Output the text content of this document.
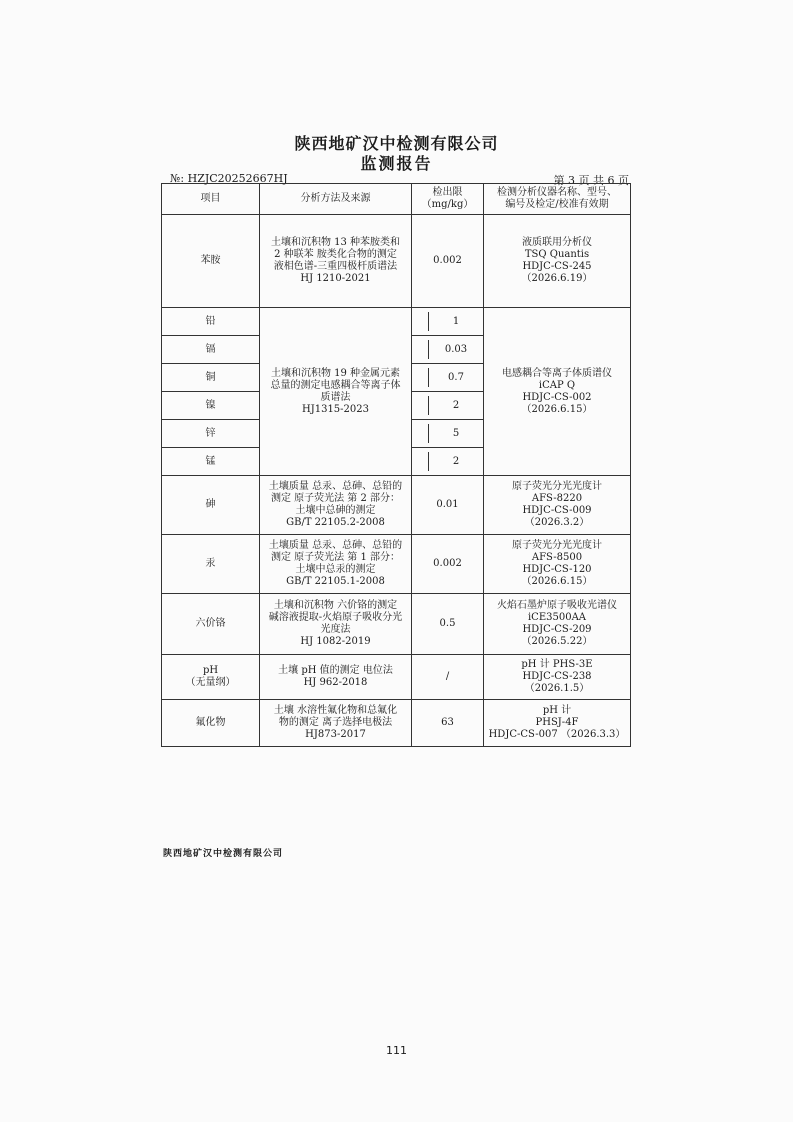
陕西地矿汉中检测有限公司
监测报告
№: HZJC20252667HJ	第 3 页 共 6 页
项目	分析方法及来源	检出限
（mg/kg）	检测分析仪器名称、型号、
编号及检定/校准有效期

苯胺	土壤和沉积物 13 种苯胺类和
2 种联苯 胺类化合物的测定
液相色谱-三重四极杆质谱法
HJ 1210-2021	0.002	液质联用分析仪
TSQ Quantis
HDJC-CS-245
（2026.6.19）

铅	土壤和沉积物 19 种金属元素
总量的测定电感耦合等离子体
质谱法
HJ1315-2023	1	电感耦合等离子体质谱仪
iCAP Q
HDJC-CS-002
（2026.6.15）

镉		0.03	

铜		0.7	

镍		2	

锌		5	

锰		2	

砷	土壤质量 总汞、总砷、总铅的
测定 原子荧光法 第 2 部分：
土壤中总砷的测定
GB/T 22105.2-2008	0.01	原子荧光分光光度计
AFS-8220
HDJC-CS-009
（2026.3.2）

汞	土壤质量 总汞、总砷、总铅的
测定 原子荧光法 第 1 部分：
土壤中总汞的测定
GB/T 22105.1-2008	0.002	原子荧光分光光度计
AFS-8500
HDJC-CS-120
（2026.6.15）

六价铬	土壤和沉积物 六价铬的测定
碱溶液提取-火焰原子吸收分光
光度法
HJ 1082-2019	0.5	火焰石墨炉原子吸收光谱仪
iCE3500AA
HDJC-CS-209
（2026.5.22）

pH
（无量纲）	土壤 pH 值的测定 电位法
HJ 962-2018	/	pH 计 PHS-3E
HDJC-CS-238
（2026.1.5）

氟化物	土壤 水溶性氟化物和总氟化
物的测定 离子选择电极法
HJ873-2017	63	pH 计
PHSJ-4F
HDJC-CS-007 （2026.3.3）
陕西地矿汉中检测有限公司
111
